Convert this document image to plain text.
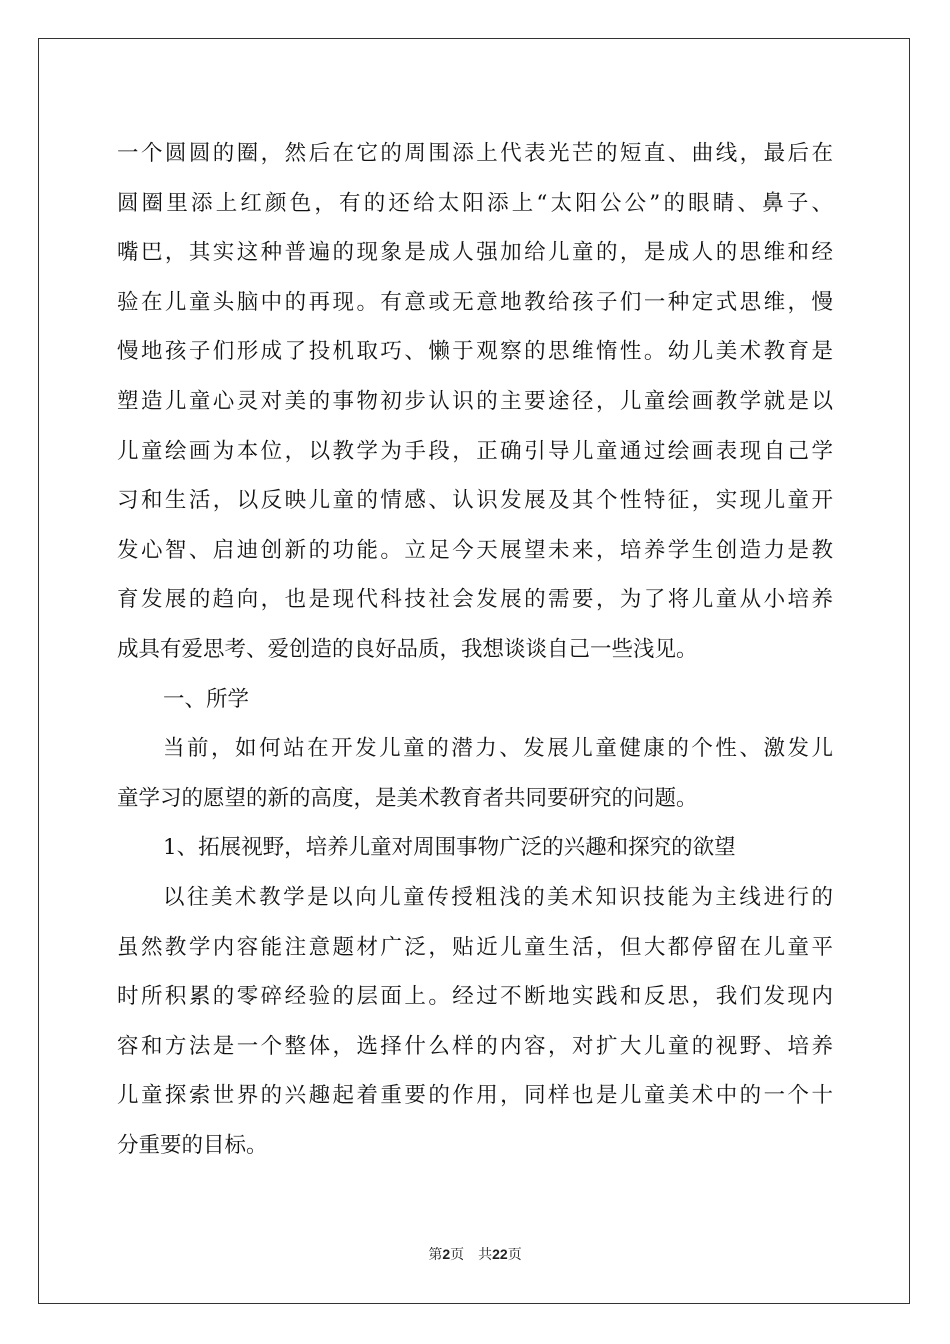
一个圆圆的圈，然后在它的周围添上代表光芒的短直、曲线，最后在
圆圈里添上红颜色，有的还给太阳添上“太阳公公”的眼睛、鼻子、
嘴巴，其实这种普遍的现象是成人强加给儿童的，是成人的思维和经
验在儿童头脑中的再现。有意或无意地教给孩子们一种定式思维，慢
慢地孩子们形成了投机取巧、懒于观察的思维惰性。幼儿美术教育是
塑造儿童心灵对美的事物初步认识的主要途径，儿童绘画教学就是以
儿童绘画为本位，以教学为手段，正确引导儿童通过绘画表现自己学
习和生活，以反映儿童的情感、认识发展及其个性特征，实现儿童开
发心智、启迪创新的功能。立足今天展望未来，培养学生创造力是教
育发展的趋向，也是现代科技社会发展的需要，为了将儿童从小培养
成具有爱思考、爱创造的良好品质，我想谈谈自己一些浅见。
一、所学
当前，如何站在开发儿童的潜力、发展儿童健康的个性、激发儿
童学习的愿望的新的高度，是美术教育者共同要研究的问题。
1、拓展视野，培养儿童对周围事物广泛的兴趣和探究的欲望
以往美术教学是以向儿童传授粗浅的美术知识技能为主线进行的
虽然教学内容能注意题材广泛，贴近儿童生活，但大都停留在儿童平
时所积累的零碎经验的层面上。经过不断地实践和反思，我们发现内
容和方法是一个整体，选择什么样的内容，对扩大儿童的视野、培养
儿童探索世界的兴趣起着重要的作用，同样也是儿童美术中的一个十
分重要的目标。
第2页 共22页
